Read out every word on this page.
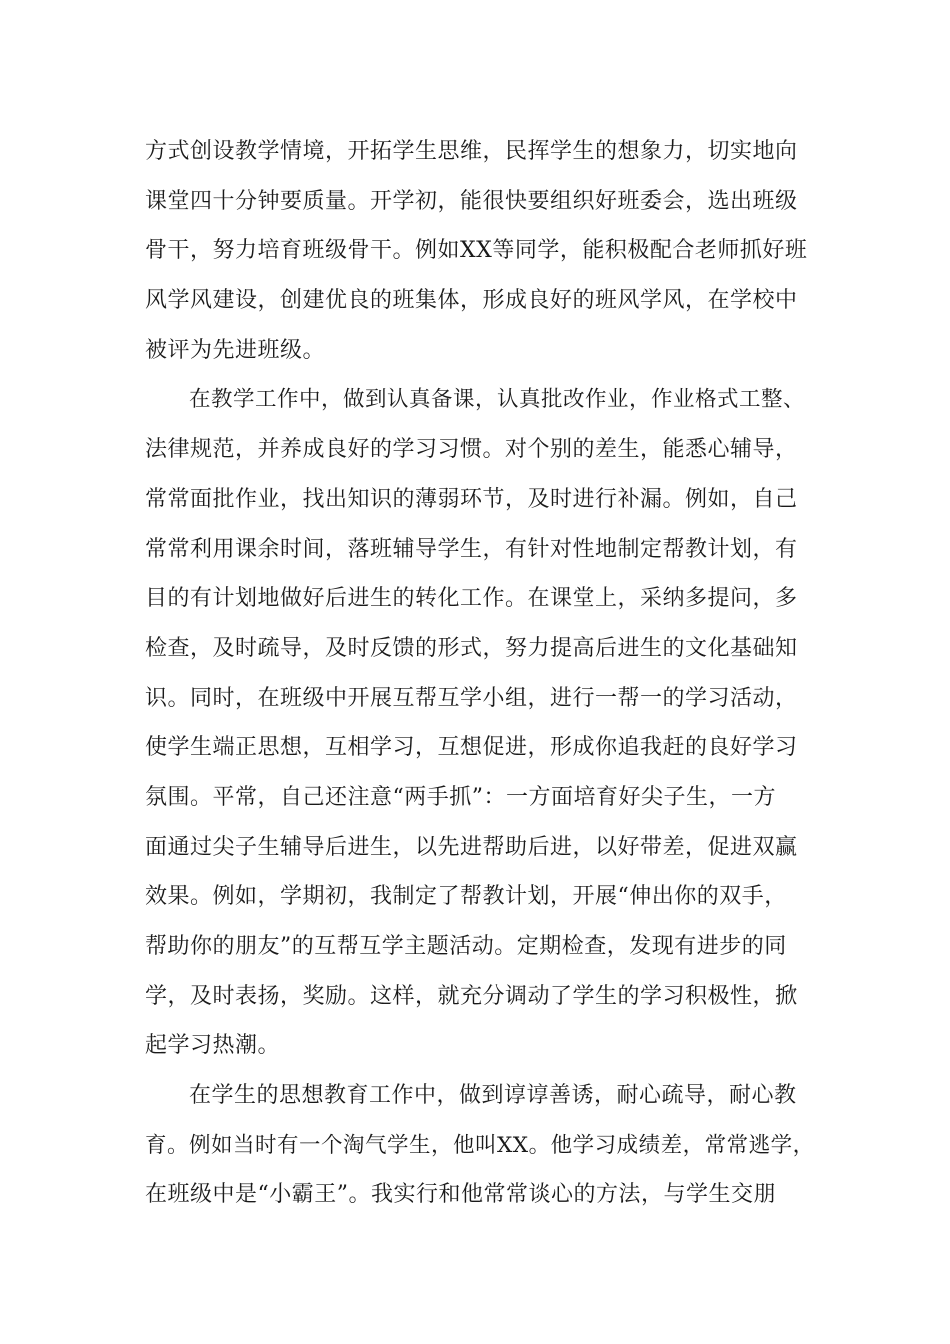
方式创设教学情境，开拓学生思维，民挥学生的想象力，切实地向
课堂四十分钟要质量。开学初，能很快要组织好班委会，选出班级
骨干，努力培育班级骨干。例如XX等同学，能积极配合老师抓好班
风学风建设，创建优良的班集体，形成良好的班风学风，在学校中
被评为先进班级。
在教学工作中，做到认真备课，认真批改作业，作业格式工整、
法律规范，并养成良好的学习习惯。对个别的差生，能悉心辅导，
常常面批作业，找出知识的薄弱环节，及时进行补漏。例如，自己
常常利用课余时间，落班辅导学生，有针对性地制定帮教计划，有
目的有计划地做好后进生的转化工作。在课堂上，采纳多提问，多
检查，及时疏导，及时反馈的形式，努力提高后进生的文化基础知
识。同时，在班级中开展互帮互学小组，进行一帮一的学习活动，
使学生端正思想，互相学习，互想促进，形成你追我赶的良好学习
氛围。平常，自己还注意“两手抓”：一方面培育好尖子生，一方
面通过尖子生辅导后进生，以先进帮助后进，以好带差，促进双赢
效果。例如，学期初，我制定了帮教计划，开展“伸出你的双手，
帮助你的朋友”的互帮互学主题活动。定期检查，发现有进步的同
学，及时表扬，奖励。这样，就充分调动了学生的学习积极性，掀
起学习热潮。
在学生的思想教育工作中，做到谆谆善诱，耐心疏导，耐心教
育。例如当时有一个淘气学生，他叫XX。他学习成绩差，常常逃学，
在班级中是“小霸王”。我实行和他常常谈心的方法，与学生交朋
